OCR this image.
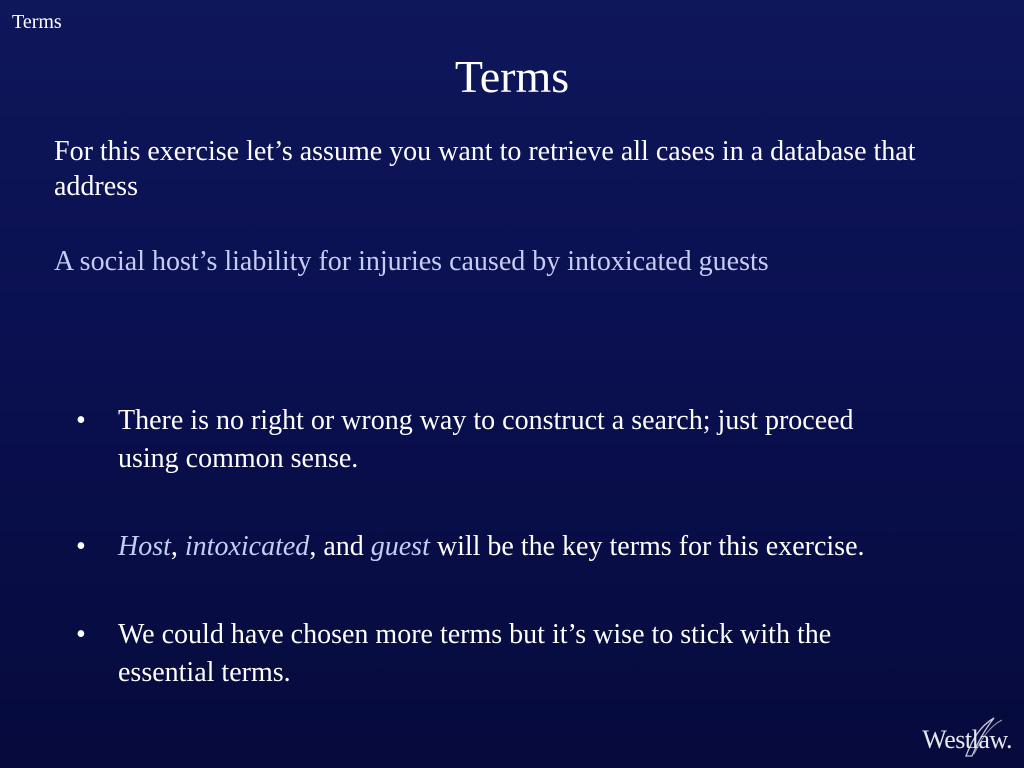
Terms
Terms
For this exercise let’s assume you want to retrieve all cases in a database that address
A social host’s liability for injuries caused by intoxicated guests
• There is no right or wrong way to construct a search; just proceed using common sense.
• Host, intoxicated, and guest will be the key terms for this exercise.
• We could have chosen more terms but it’s wise to stick with the essential terms.
Westlaw.
